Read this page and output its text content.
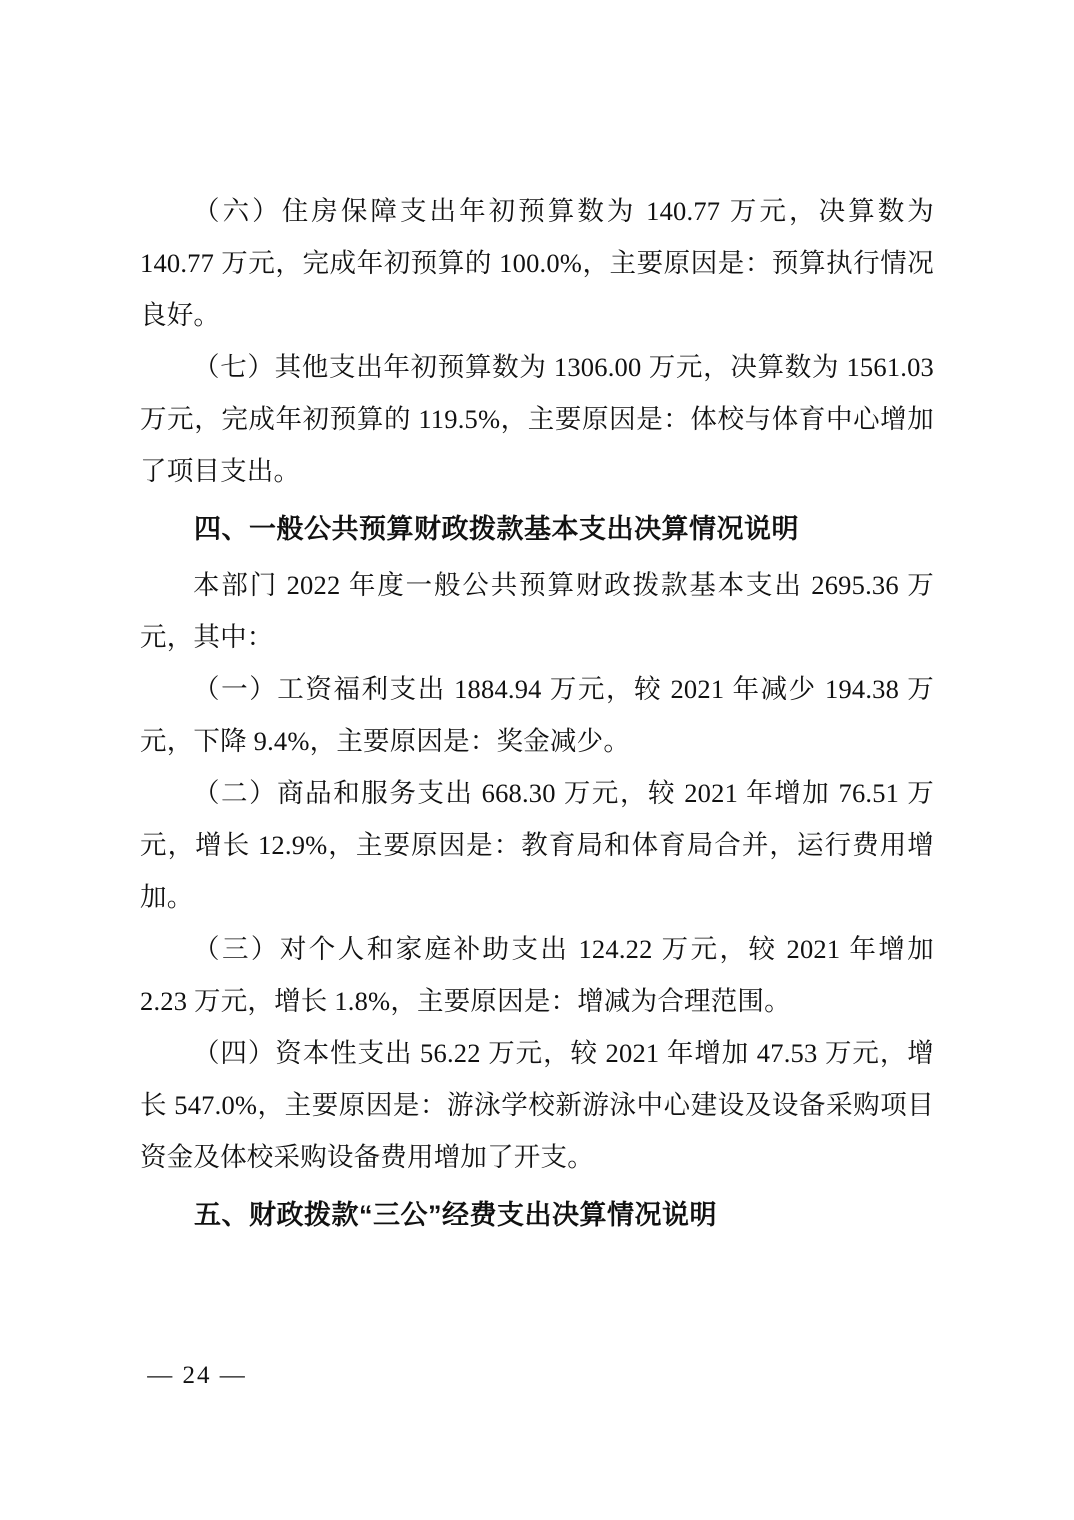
（六）住房保障支出年初预算数为 140.77 万元，决算数为 140.77 万元，完成年初预算的 100.0%，主要原因是：预算执行情况良好。

（七）其他支出年初预算数为 1306.00 万元，决算数为 1561.03 万元，完成年初预算的 119.5%，主要原因是：体校与体育中心增加了项目支出。

四、一般公共预算财政拨款基本支出决算情况说明

本部门 2022 年度一般公共预算财政拨款基本支出 2695.36 万元，其中：

（一）工资福利支出 1884.94 万元，较 2021 年减少 194.38 万元，下降 9.4%，主要原因是：奖金减少。

（二）商品和服务支出 668.30 万元，较 2021 年增加 76.51 万元，增长 12.9%，主要原因是：教育局和体育局合并，运行费用增加。

（三）对个人和家庭补助支出 124.22 万元，较 2021 年增加 2.23 万元，增长 1.8%，主要原因是：增减为合理范围。

（四）资本性支出 56.22 万元，较 2021 年增加 47.53 万元，增长 547.0%，主要原因是：游泳学校新游泳中心建设及设备采购项目资金及体校采购设备费用增加了开支。

五、财政拨款“三公”经费支出决算情况说明

— 24 —
